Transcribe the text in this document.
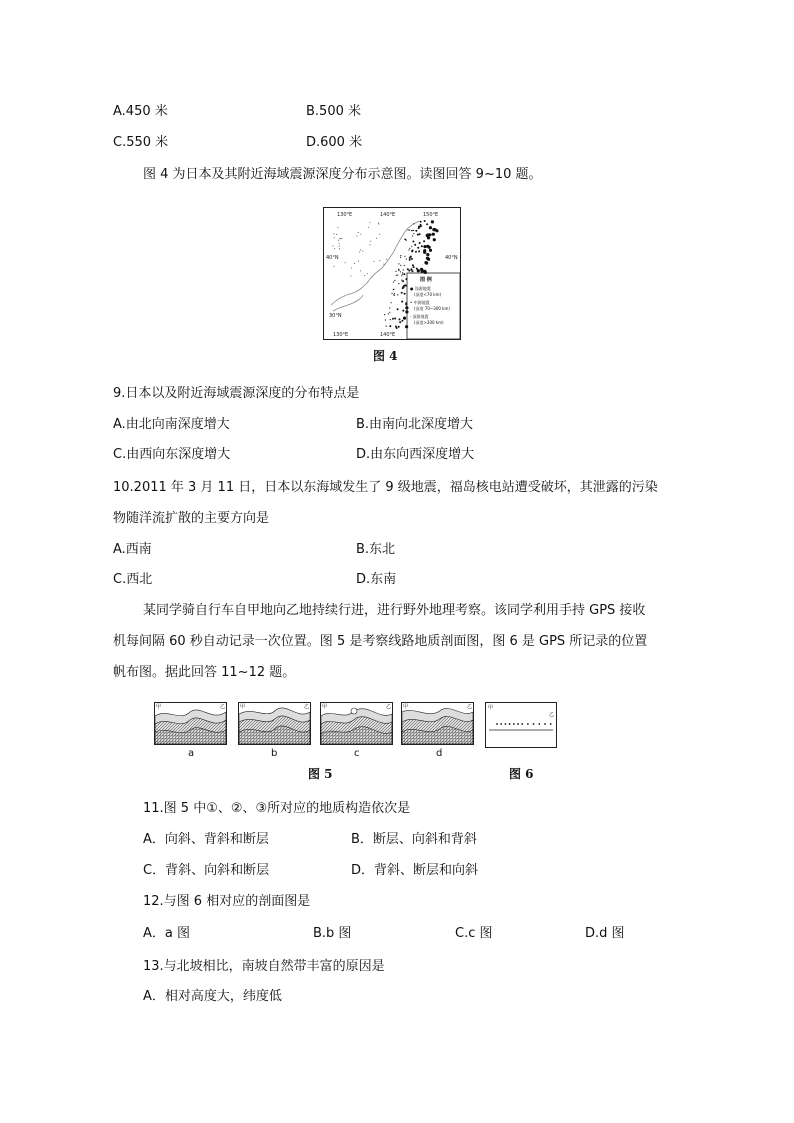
A.450 米	B.500 米
C.550 米	D.600 米
图 4 为日本及其附近海域震源深度分布示意图。读图回答 9~10 题。
130°E	140°E	150°E
40°N	40°N
30°N
130°E	140°E
图 例
● 浅源地震
(深度<70 km)
• 中源地震
(深度 70~300 km)
· 深源地震
(深度>300 km)
图 4
9.日本以及附近海域震源深度的分布特点是
A.由北向南深度增大	B.由南向北深度增大
C.由西向东深度增大	D.由东向西深度增大
10.2011 年 3 月 11 日，日本以东海域发生了 9 级地震，福岛核电站遭受破坏，其泄露的污染
物随洋流扩散的主要方向是
A.西南	B.东北
C.西北	D.东南
某同学骑自行车自甲地向乙地持续行进，进行野外地理考察。该同学利用手持 GPS 接收
机每间隔 60 秒自动记录一次位置。图 5 是考察线路地质剖面图，图 6 是 GPS 所记录的位置
帆布图。据此回答 11~12 题。
甲	乙	甲	乙	甲	乙 甲	乙
a	b	c	d
甲
乙
图 5	图 6
11.图 5 中①、②、③所对应的地质构造依次是
A．向斜、背斜和断层	B．断层、向斜和背斜
C．背斜、向斜和断层	D．背斜、断层和向斜
12.与图 6 相对应的剖面图是
A．a 图	B.b 图	C.c 图	D.d 图
13.与北坡相比，南坡自然带丰富的原因是
A．相对高度大，纬度低
